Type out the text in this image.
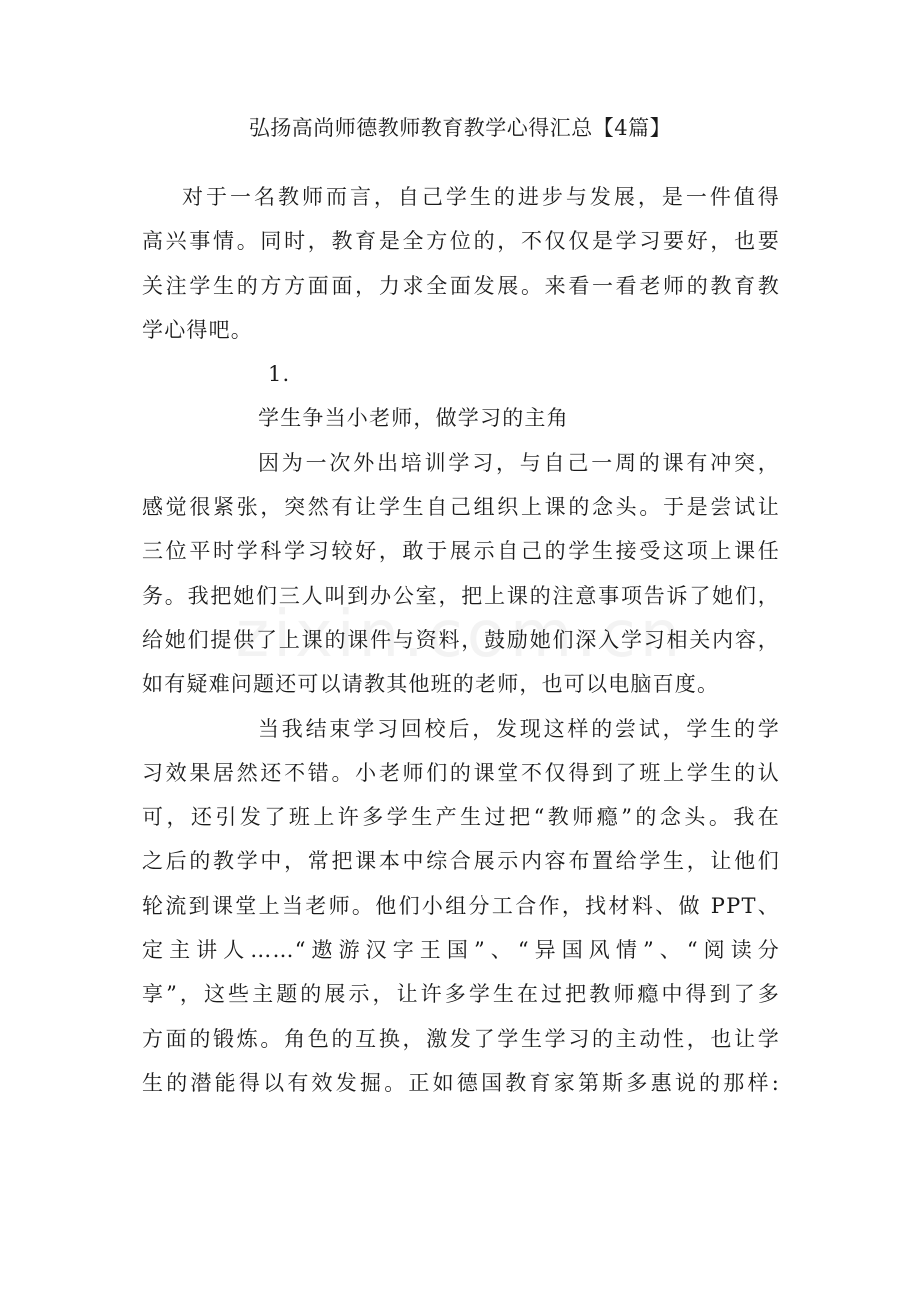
弘扬高尚师德教师教育教学心得汇总【4篇】
对于一名教师而言，自己学生的进步与发展，是一件值得
高兴事情。同时，教育是全方位的，不仅仅是学习要好，也要
关注学生的方方面面，力求全面发展。来看一看老师的教育教
学心得吧。
1.
学生争当小老师，做学习的主角
因为一次外出培训学习，与自己一周的课有冲突，
感觉很紧张，突然有让学生自己组织上课的念头。于是尝试让
三位平时学科学习较好，敢于展示自己的学生接受这项上课任
务。我把她们三人叫到办公室，把上课的注意事项告诉了她们，
给她们提供了上课的课件与资料，鼓励她们深入学习相关内容，
如有疑难问题还可以请教其他班的老师，也可以电脑百度。
当我结束学习回校后，发现这样的尝试，学生的学
习效果居然还不错。小老师们的课堂不仅得到了班上学生的认
可，还引发了班上许多学生产生过把“教师瘾”的念头。我在
之后的教学中，常把课本中综合展示内容布置给学生，让他们
轮流到课堂上当老师。他们小组分工合作，找材料、做 PPT、
定主讲人……“遨游汉字王国”、“异国风情”、“阅读分
享”，这些主题的展示，让许多学生在过把教师瘾中得到了多
方面的锻炼。角色的互换，激发了学生学习的主动性，也让学
生的潜能得以有效发掘。正如德国教育家第斯多惠说的那样:
